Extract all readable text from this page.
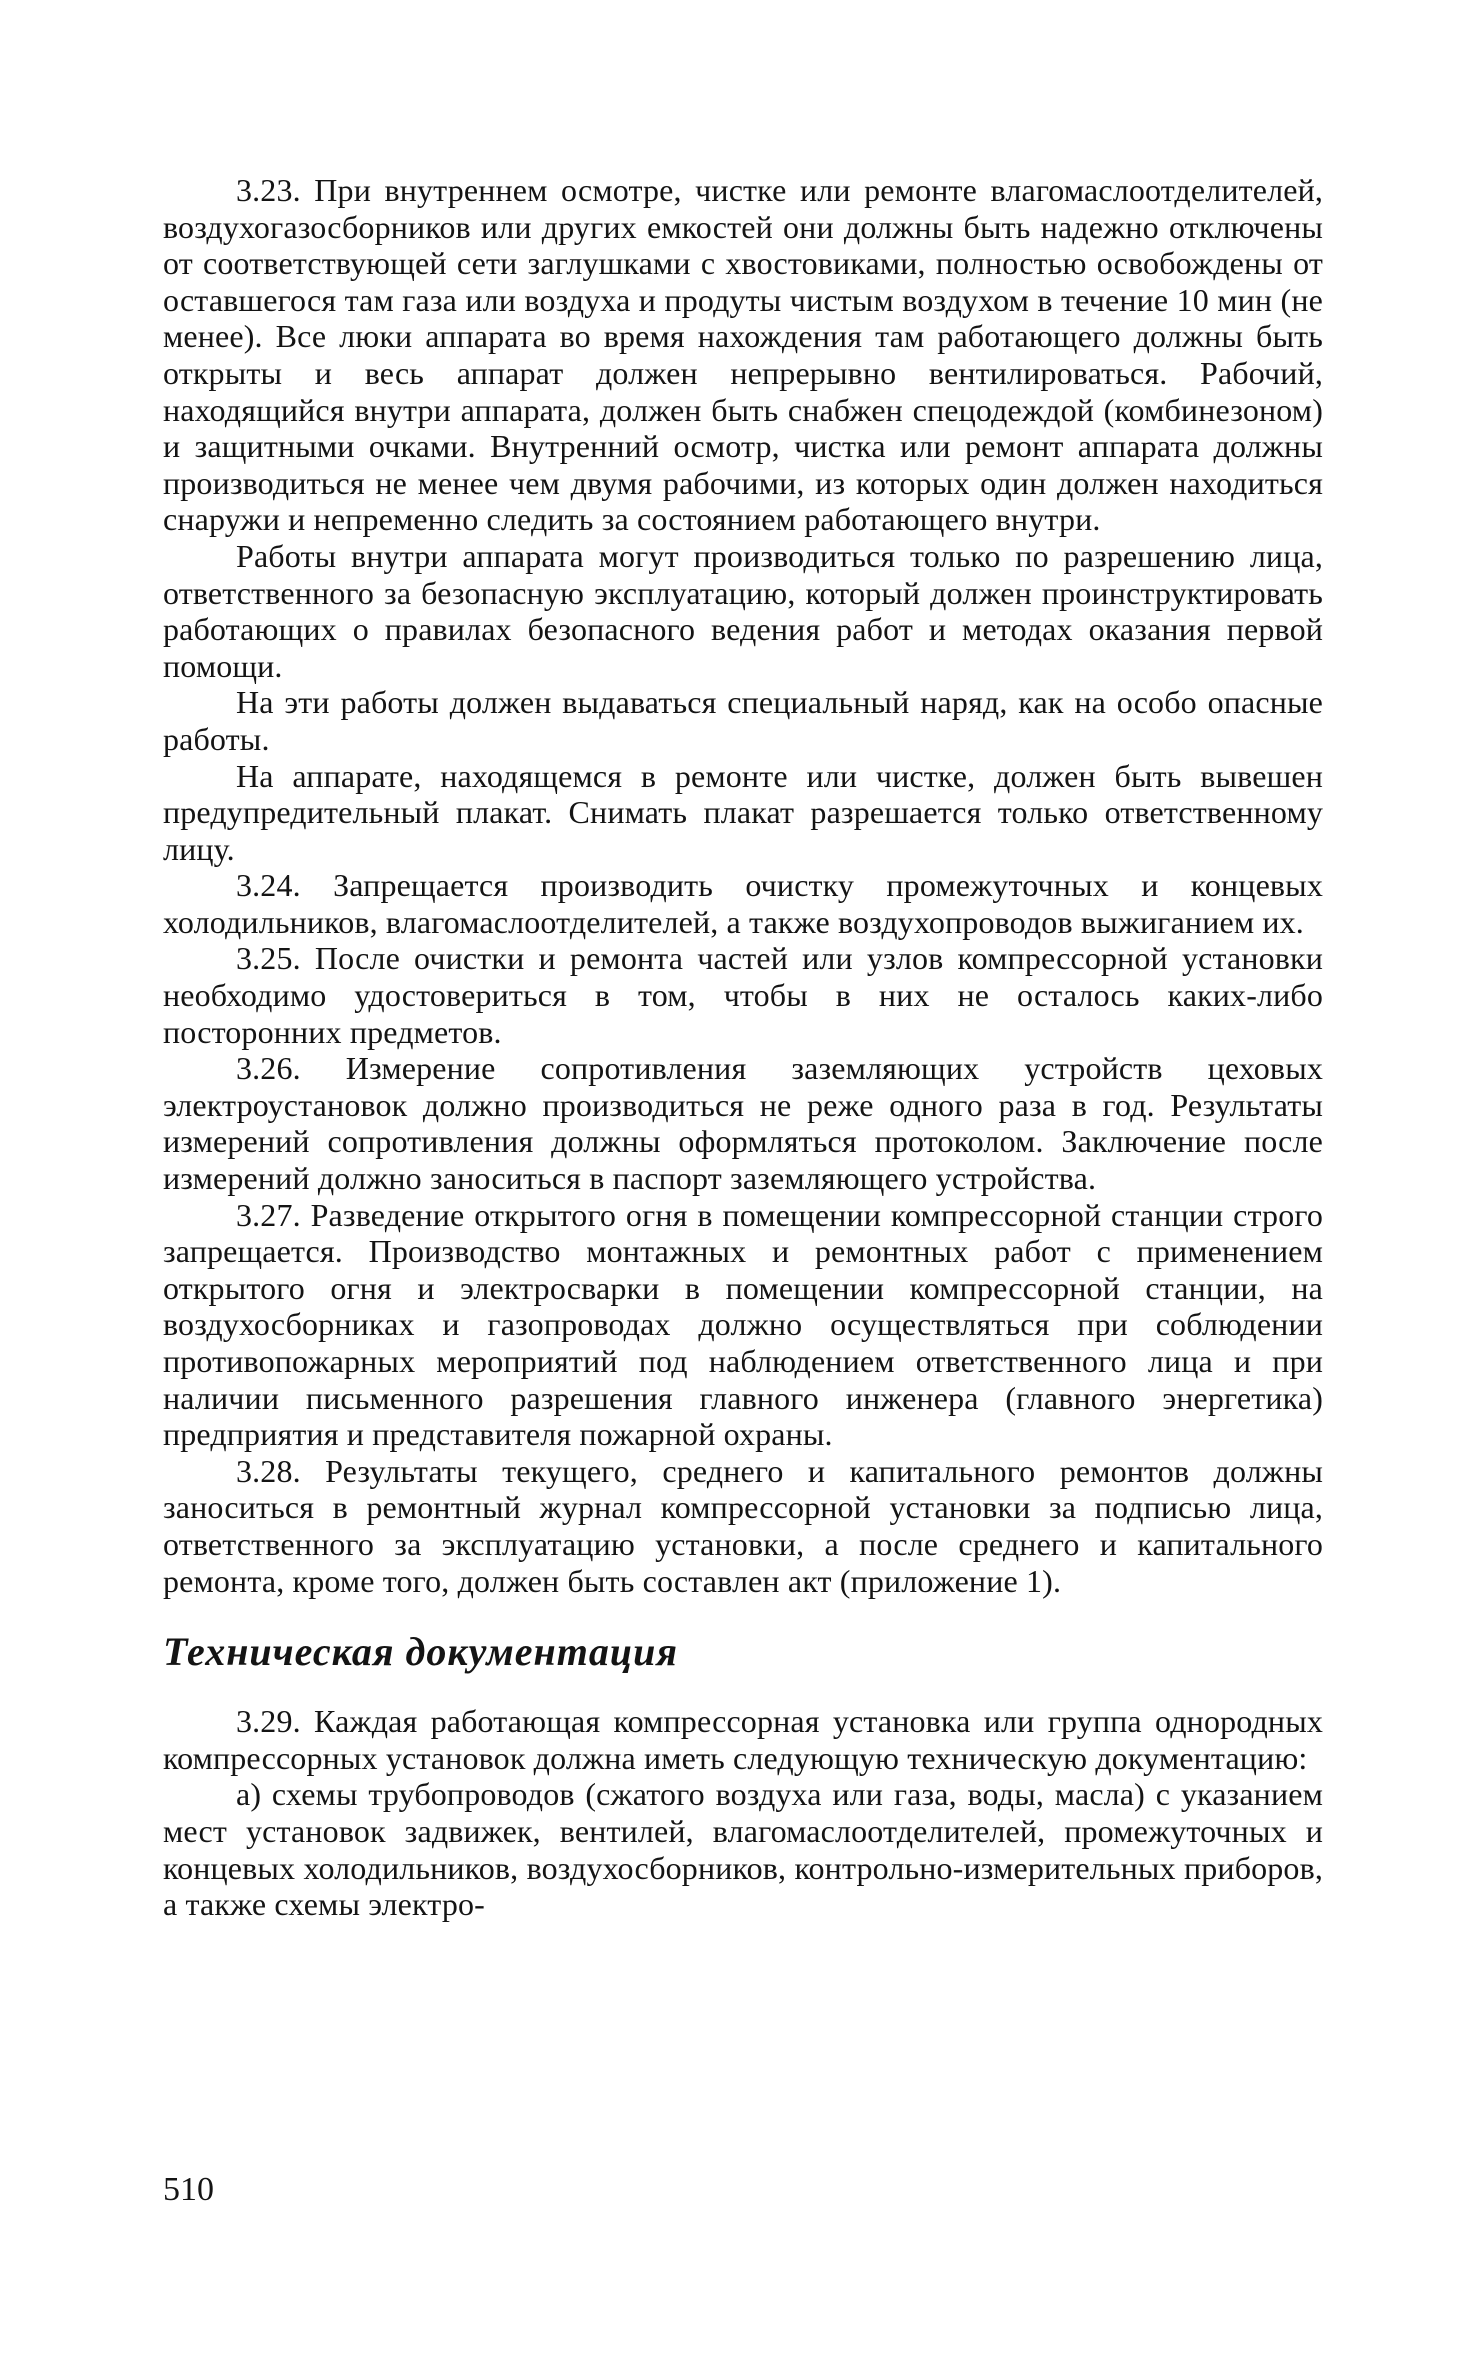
3.23. При внутреннем осмотре, чистке или ремонте влагомаслоотделителей, воздухогазосборников или других емкостей они должны быть надежно отключены от соответствующей сети заглушками с хвостовиками, полностью освобождены от оставшегося там газа или воздуха и продуты чистым воздухом в течение 10 мин (не менее). Все люки аппарата во время нахождения там работающего должны быть открыты и весь аппарат должен непрерывно вентилироваться. Рабочий, находящийся внутри аппарата, должен быть снабжен спецодеждой (комбинезоном) и защитными очками. Внутренний осмотр, чистка или ремонт аппарата должны производиться не менее чем двумя рабочими, из которых один должен находиться снаружи и непременно следить за состоянием работающего внутри.

Работы внутри аппарата могут производиться только по разрешению лица, ответственного за безопасную эксплуатацию, который должен проинструктировать работающих о правилах безопасного ведения работ и методах оказания первой помощи.

На эти работы должен выдаваться специальный наряд, как на особо опасные работы.

На аппарате, находящемся в ремонте или чистке, должен быть вывешен предупредительный плакат. Снимать плакат разрешается только ответственному лицу.

3.24. Запрещается производить очистку промежуточных и концевых холодильников, влагомаслоотделителей, а также воздухопроводов выжиганием их.

3.25. После очистки и ремонта частей или узлов компрессорной установки необходимо удостовериться в том, чтобы в них не осталось каких-либо посторонних предметов.

3.26. Измерение сопротивления заземляющих устройств цеховых электроустановок должно производиться не реже одного раза в год. Результаты измерений сопротивления должны оформляться протоколом. Заключение после измерений должно заноситься в паспорт заземляющего устройства.

3.27. Разведение открытого огня в помещении компрессорной станции строго запрещается. Производство монтажных и ремонтных работ с применением открытого огня и электросварки в помещении компрессорной станции, на воздухосборниках и газопроводах должно осуществляться при соблюдении противопожарных мероприятий под наблюдением ответственного лица и при наличии письменного разрешения главного инженера (главного энергетика) предприятия и представителя пожарной охраны.

3.28. Результаты текущего, среднего и капитального ремонтов должны заноситься в ремонтный журнал компрессорной установки за подписью лица, ответственного за эксплуатацию установки, а после среднего и капитального ремонта, кроме того, должен быть составлен акт (приложение 1).

Техническая документация

3.29. Каждая работающая компрессорная установка или группа однородных компрессорных установок должна иметь следующую техническую документацию:

а) схемы трубопроводов (сжатого воздуха или газа, воды, масла) с указанием мест установок задвижек, вентилей, влагомаслоотделителей, промежуточных и концевых холодильников, воздухосборников, контрольно-измерительных приборов, а также схемы электро-

510
